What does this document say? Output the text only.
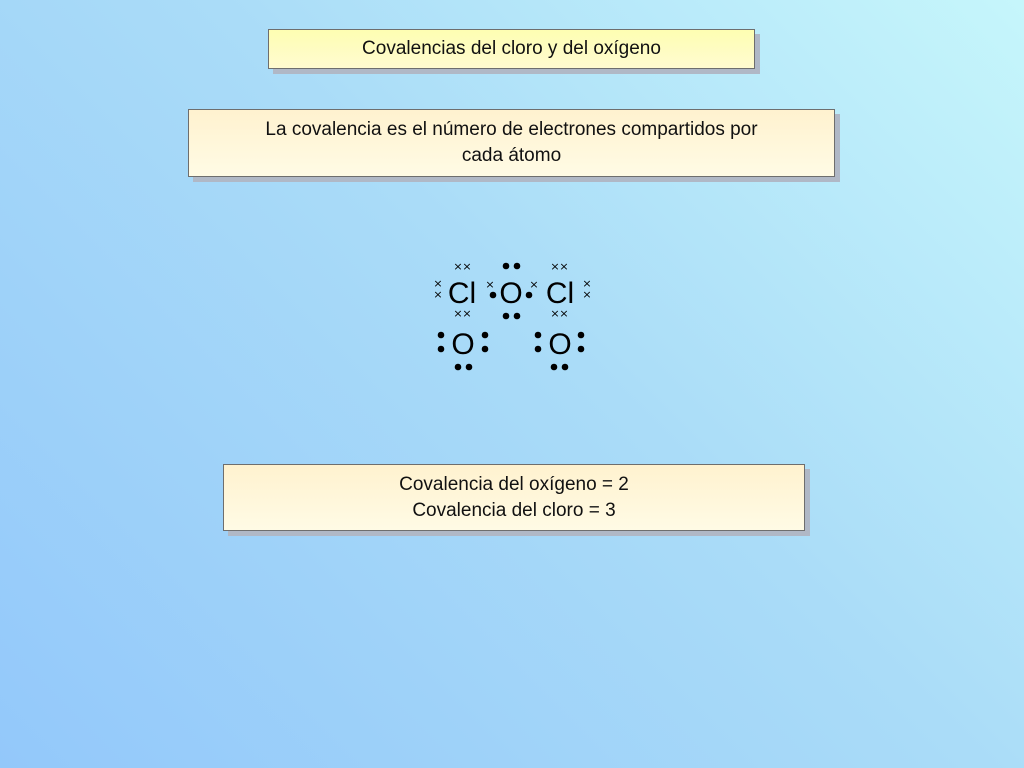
Covalencias del cloro y del oxígeno
La covalencia es el número de electrones compartidos por
cada átomo
Cl O Cl
O O
× ×
× ×
×
×
×
× ×
× ×
×
×
×
Covalencia del oxígeno = 2
Covalencia del cloro = 3
